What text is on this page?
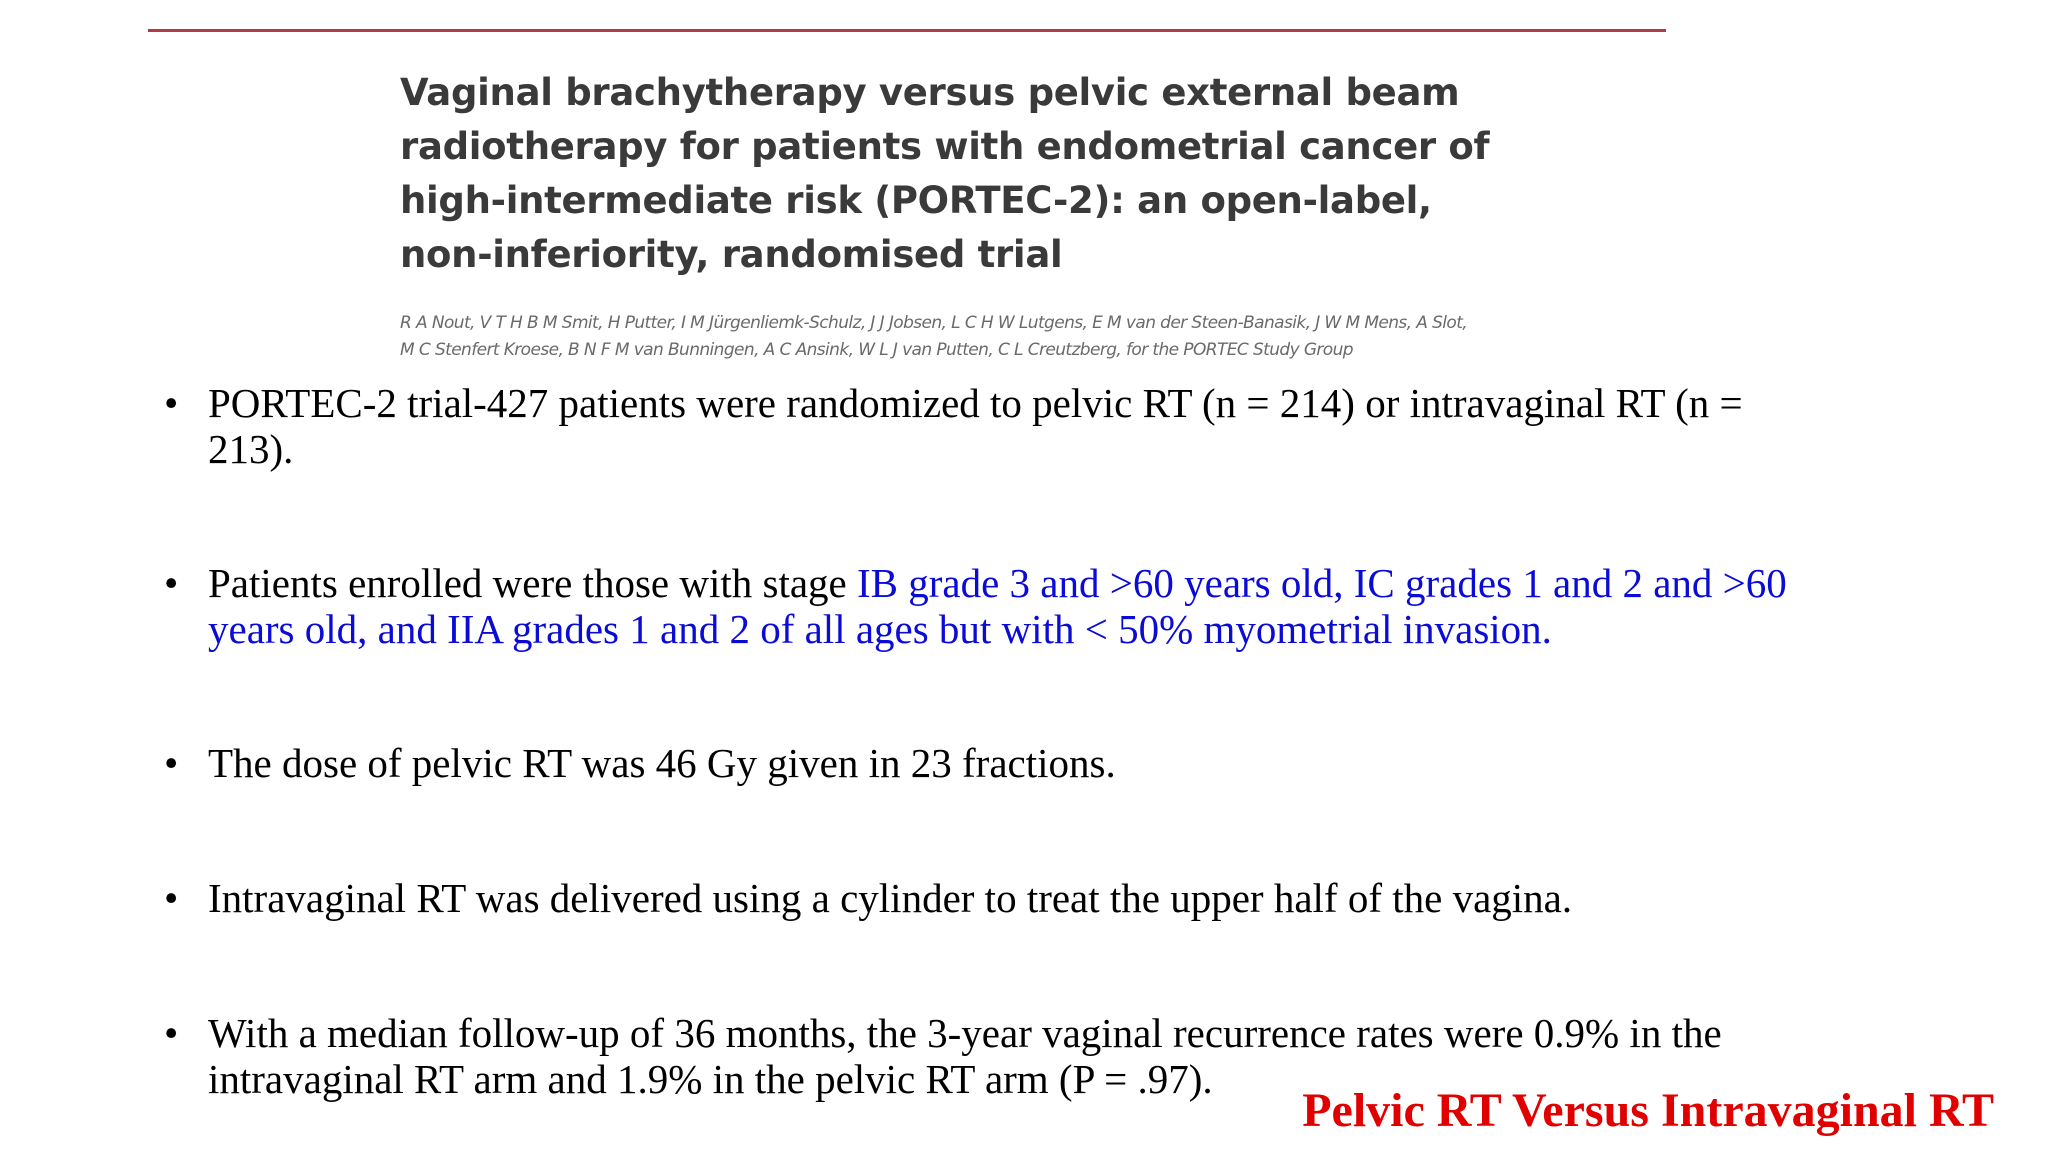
Vaginal brachytherapy versus pelvic external beam
radiotherapy for patients with endometrial cancer of
high-intermediate risk (PORTEC-2): an open-label,
non-inferiority, randomised trial
R A Nout, V T H B M Smit, H Putter, I M Jürgenliemk-Schulz, J J Jobsen, L C H W Lutgens, E M van der Steen-Banasik, J W M Mens, A Slot,
M C Stenfert Kroese, B N F M van Bunningen, A C Ansink, W L J van Putten, C L Creutzberg, for the PORTEC Study Group
• PORTEC-2 trial-427 patients were randomized to pelvic RT (n = 214) or intravaginal RT (n =
213).
• Patients enrolled were those with stage IB grade 3 and >60 years old, IC grades 1 and 2 and >60
years old, and IIA grades 1 and 2 of all ages but with < 50% myometrial invasion.
• The dose of pelvic RT was 46 Gy given in 23 fractions.
• Intravaginal RT was delivered using a cylinder to treat the upper half of the vagina.
• With a median follow-up of 36 months, the 3-year vaginal recurrence rates were 0.9% in the
intravaginal RT arm and 1.9% in the pelvic RT arm (P = .97).
Pelvic RT Versus Intravaginal RT
